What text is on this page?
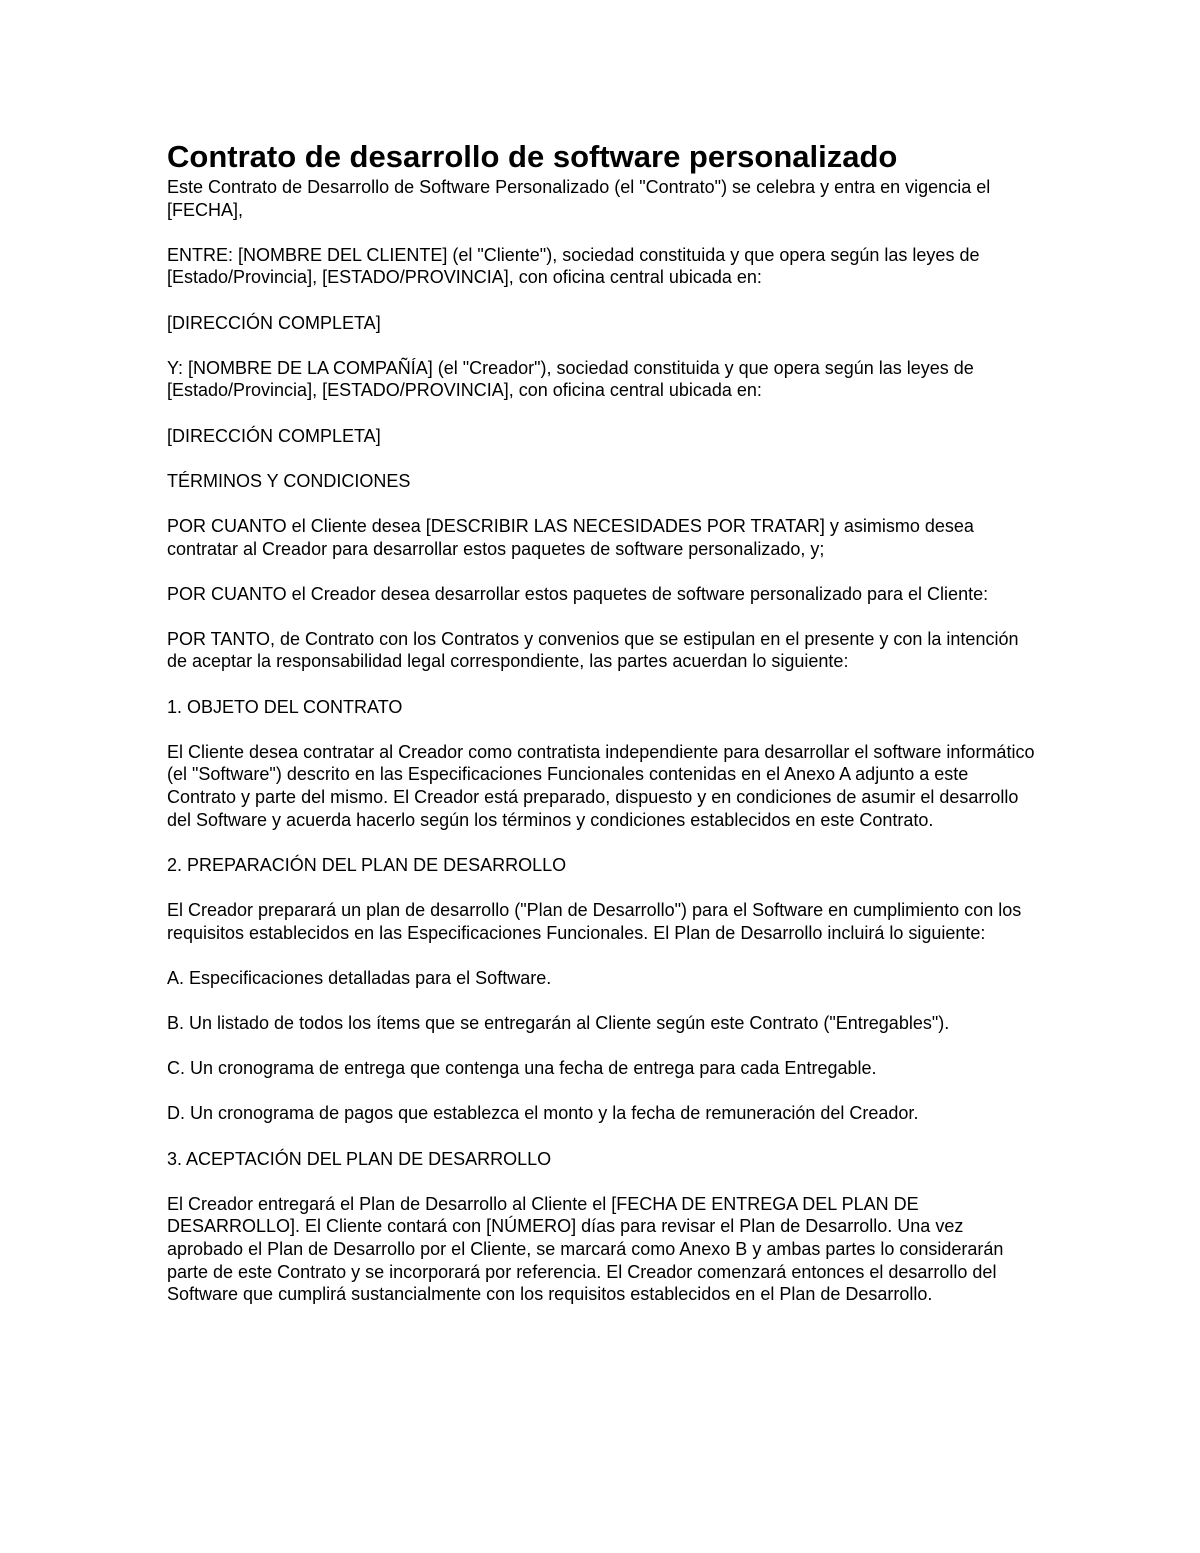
Contrato de desarrollo de software personalizado

Este Contrato de Desarrollo de Software Personalizado (el "Contrato") se celebra y entra en vigencia el [FECHA],

ENTRE: [NOMBRE DEL CLIENTE] (el "Cliente"), sociedad constituida y que opera según las leyes de [Estado/Provincia], [ESTADO/PROVINCIA], con oficina central ubicada en:

[DIRECCIÓN COMPLETA]

Y: [NOMBRE DE LA COMPAÑÍA] (el "Creador"), sociedad constituida y que opera según las leyes de [Estado/Provincia], [ESTADO/PROVINCIA], con oficina central ubicada en:

[DIRECCIÓN COMPLETA]

TÉRMINOS Y CONDICIONES

POR CUANTO el Cliente desea [DESCRIBIR LAS NECESIDADES POR TRATAR] y asimismo desea contratar al Creador para desarrollar estos paquetes de software personalizado, y;

POR CUANTO el Creador desea desarrollar estos paquetes de software personalizado para el Cliente:

POR TANTO, de Contrato con los Contratos y convenios que se estipulan en el presente y con la intención de aceptar la responsabilidad legal correspondiente, las partes acuerdan lo siguiente:

1. OBJETO DEL CONTRATO

El Cliente desea contratar al Creador como contratista independiente para desarrollar el software informático (el "Software") descrito en las Especificaciones Funcionales contenidas en el Anexo A adjunto a este Contrato y parte del mismo. El Creador está preparado, dispuesto y en condiciones de asumir el desarrollo del Software y acuerda hacerlo según los términos y condiciones establecidos en este Contrato.

2. PREPARACIÓN DEL PLAN DE DESARROLLO

El Creador preparará un plan de desarrollo ("Plan de Desarrollo") para el Software en cumplimiento con los requisitos establecidos en las Especificaciones Funcionales. El Plan de Desarrollo incluirá lo siguiente:

A. Especificaciones detalladas para el Software.

B. Un listado de todos los ítems que se entregarán al Cliente según este Contrato ("Entregables").

C. Un cronograma de entrega que contenga una fecha de entrega para cada Entregable.

D. Un cronograma de pagos que establezca el monto y la fecha de remuneración del Creador.

3. ACEPTACIÓN DEL PLAN DE DESARROLLO

El Creador entregará el Plan de Desarrollo al Cliente el [FECHA DE ENTREGA DEL PLAN DE DESARROLLO]. El Cliente contará con [NÚMERO] días para revisar el Plan de Desarrollo. Una vez aprobado el Plan de Desarrollo por el Cliente, se marcará como Anexo B y ambas partes lo considerarán parte de este Contrato y se incorporará por referencia. El Creador comenzará entonces el desarrollo del Software que cumplirá sustancialmente con los requisitos establecidos en el Plan de Desarrollo.
